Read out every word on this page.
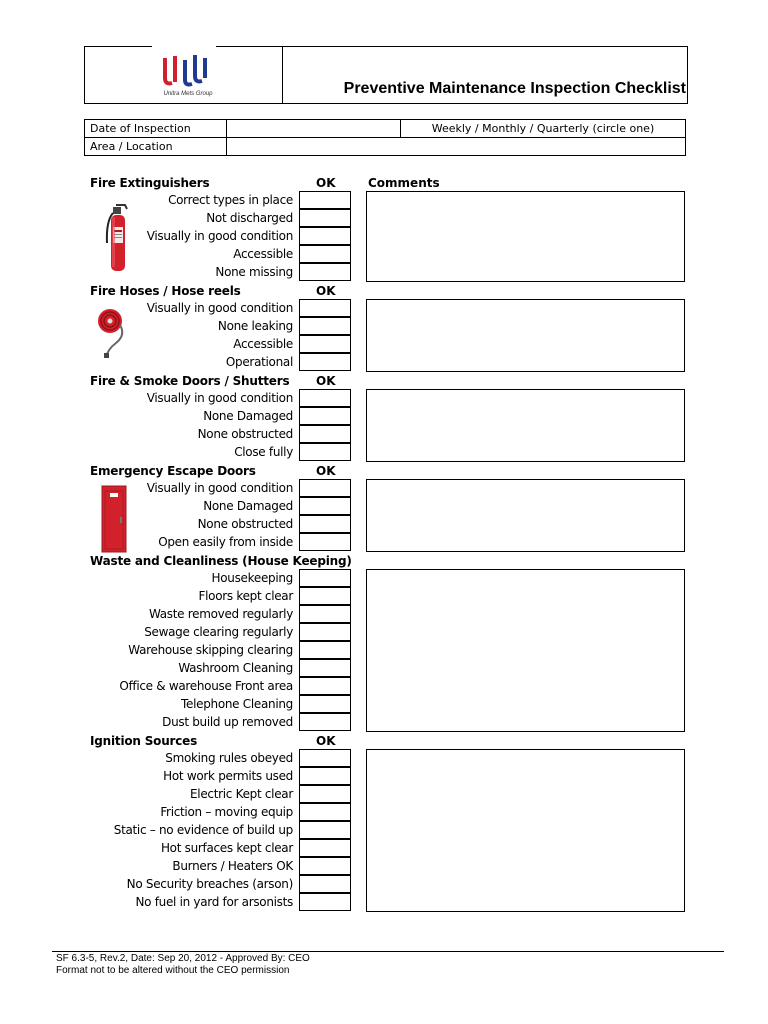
Unitra Mets Group	Preventive Maintenance Inspection Checklist
Date of Inspection		Weekly / Monthly / Quarterly (circle one)
Area / Location		
Comments
Fire Extinguishers	OK
Correct types in place
Not discharged
Visually in good condition
Accessible
None missing
Fire Hoses / Hose reels	OK
Visually in good condition
None leaking
Accessible
Operational
Fire & Smoke Doors / Shutters OK
Visually in good condition
None Damaged
None obstructed
Close fully
Emergency Escape Doors	OK
Visually in good condition
None Damaged
None obstructed
Open easily from inside
Waste and Cleanliness (House Keeping)
Housekeeping
Floors kept clear
Waste removed regularly
Sewage clearing regularly
Warehouse skipping clearing
Washroom Cleaning
Office & warehouse Front area
Telephone Cleaning
Dust build up removed
Ignition Sources	OK
Smoking rules obeyed
Hot work permits used
Electric Kept clear
Friction – moving equip
Static – no evidence of build up
Hot surfaces kept clear
Burners / Heaters OK
No Security breaches (arson)
No fuel in yard for arsonists
SF 6.3-5, Rev.2, Date: Sep 20, 2012 - Approved By: CEO
Format not to be altered without the CEO permission
